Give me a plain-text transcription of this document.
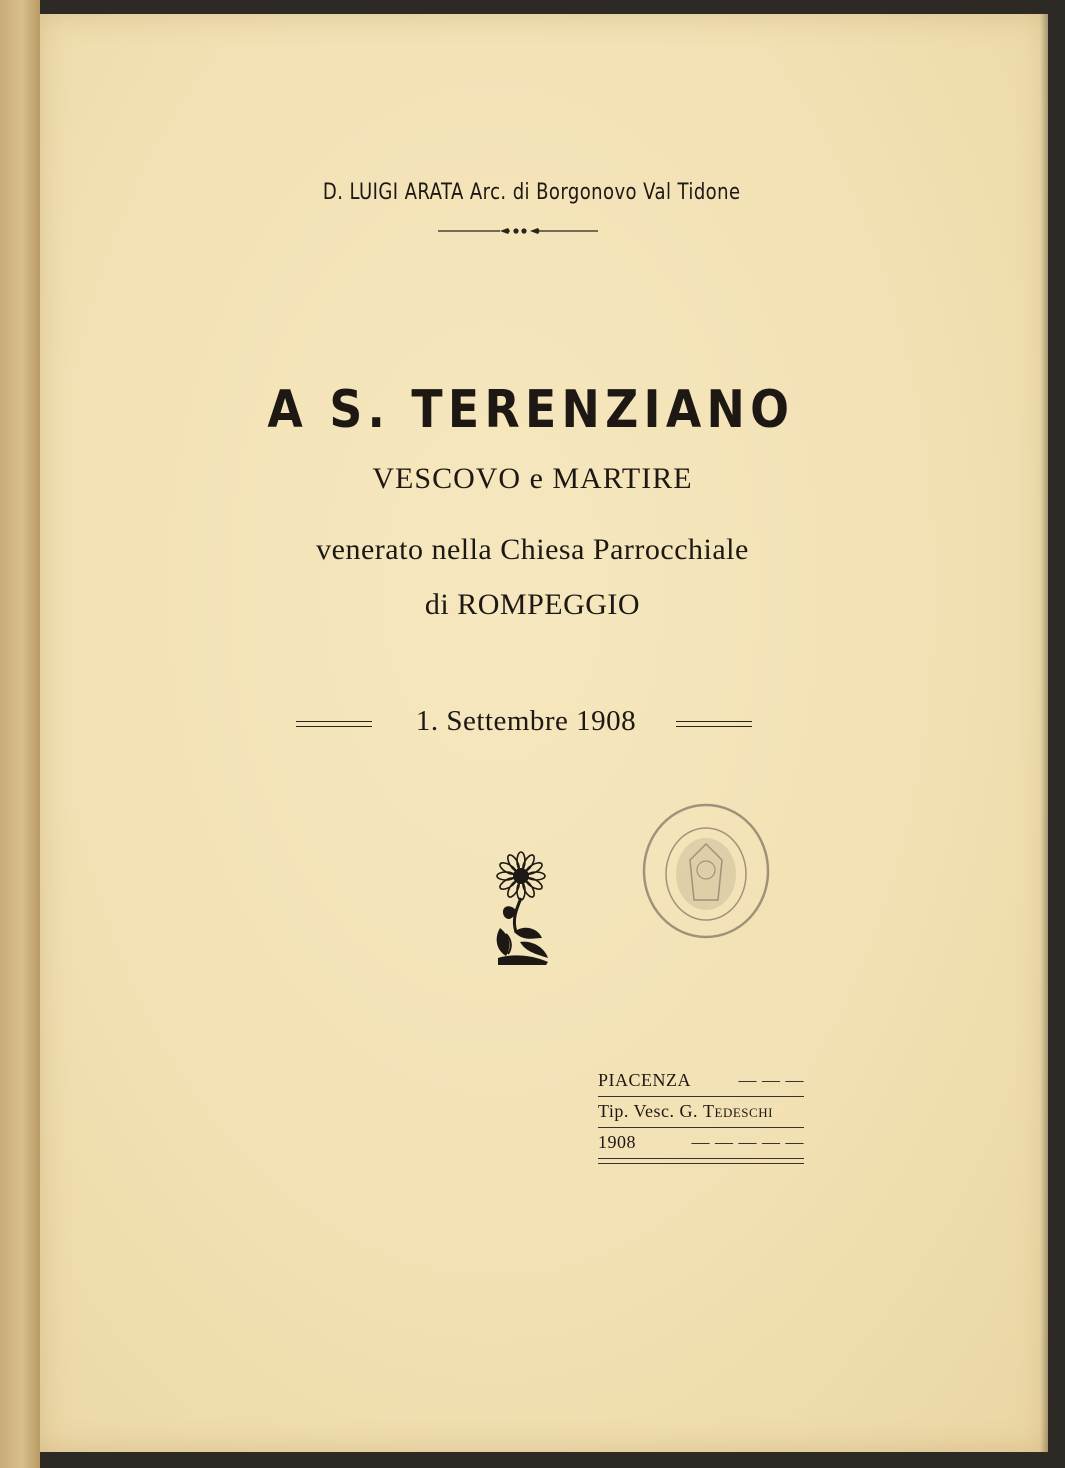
D. LUIGI ARATA Arc. di Borgonovo Val Tidone
A S. TERENZIANO
VESCOVO e MARTIRE
venerato nella Chiesa Parrocchiale
di ROMPEGGIO
1. Settembre 1908
PIACENZA	— — —
Tip. Vesc. G. Tedeschi
1908	— — — — —
